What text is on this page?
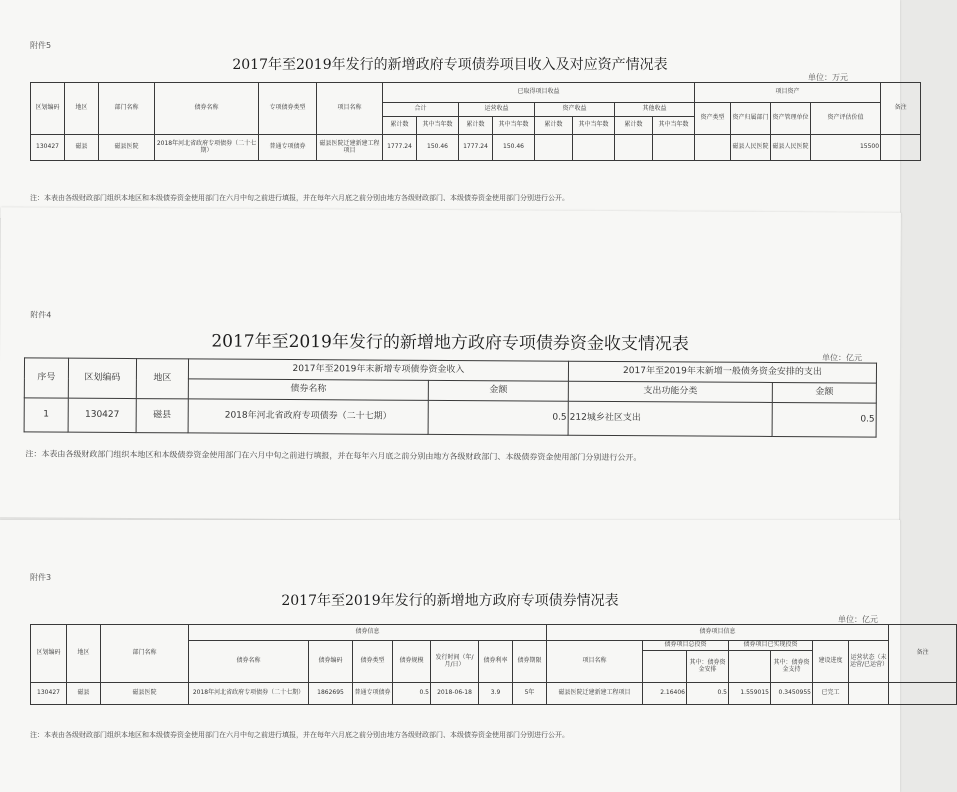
附件5
2017年至2019年发行的新增政府专项债券项目收入及对应资产情况表
单位：万元
区划编码	地区	部门名称	债券名称	专项债券类型	项目名称	已取得项目收益								项目资产				备注
						合计		运营收益		资产收益		其他收益		资产类型	资产归属部门	资产管理单位	资产评估价值	
						累计数	其中当年数	累计数	其中当年数	累计数	其中当年数	累计数	其中当年数					
130427	磁县	磁县医院	2018年河北省政府专项债券（二十七期）	普通专项债券	磁县医院迁建新建工程项目	1777.24	150.46	1777.24	150.46						磁县人民医院	磁县人民医院	15500	
注：本表由各级财政部门组织本地区和本级债券资金使用部门在六月中旬之前进行填报，并在每年六月底之前分别由地方各级财政部门、本级债券资金使用部门分别进行公开。
附件4
2017年至2019年发行的新增地方政府专项债券资金收支情况表
单位：亿元
序号	区划编码	地区	2017年至2019年末新增专项债券资金收入		2017年至2019年末新增一般债务资金安排的支出	
			债券名称	金额	支出功能分类	金额
1	130427	磁县	2018年河北省政府专项债券（二十七期）	0.5	212城乡社区支出	0.5
注：本表由各级财政部门组织本地区和本级债券资金使用部门在六月中旬之前进行填报，并在每年六月底之前分别由地方各级财政部门、本级债券资金使用部门分别进行公开。
附件3
2017年至2019年发行的新增地方政府专项债券情况表
单位：亿元
区划编码	地区	部门名称	债券信息							债券项目信息							备注
			债券名称	债券编码	债券类型	债券规模	发行时间（年/月/日）	债券利率	债券期限	项目名称	债券项目总投资		债券项目已实现投资		建设进度	运营状态（未运营/已运营）	
												其中：债券资金安排		其中：债券资金支持			

130427	磁县	磁县医院	2018年河北省政府专项债券（二十七期）	1862695	普通专项债券	0.5	2018-06-18	3.9	5年	磁县医院迁建新建工程项目	2.16406	0.5	1.559015	0.3450955	已完工		
注：本表由各级财政部门组织本地区和本级债券资金使用部门在六月中旬之前进行填报，并在每年六月底之前分别由地方各级财政部门、本级债券资金使用部门分别进行公开。
